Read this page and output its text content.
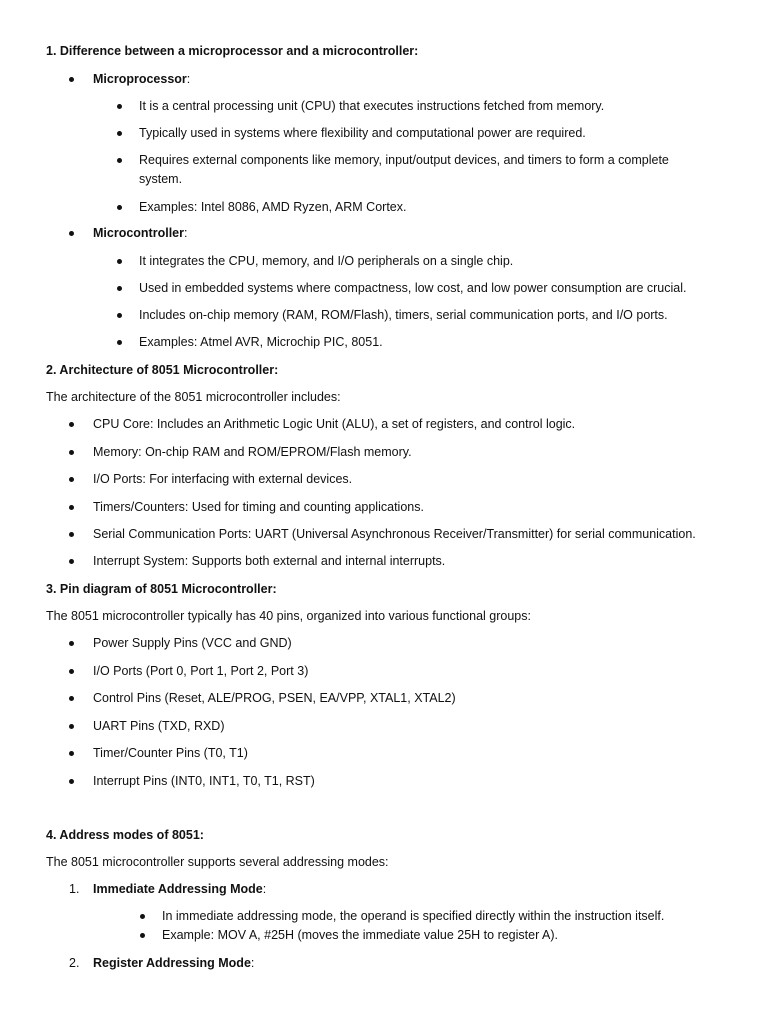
1. Difference between a microprocessor and a microcontroller:
Microprocessor:
It is a central processing unit (CPU) that executes instructions fetched from memory.
Typically used in systems where flexibility and computational power are required.
Requires external components like memory, input/output devices, and timers to form a complete
system.
Examples: Intel 8086, AMD Ryzen, ARM Cortex.
Microcontroller:
It integrates the CPU, memory, and I/O peripherals on a single chip.
Used in embedded systems where compactness, low cost, and low power consumption are crucial.
Includes on-chip memory (RAM, ROM/Flash), timers, serial communication ports, and I/O ports.
Examples: Atmel AVR, Microchip PIC, 8051.
2. Architecture of 8051 Microcontroller:
The architecture of the 8051 microcontroller includes:
CPU Core: Includes an Arithmetic Logic Unit (ALU), a set of registers, and control logic.
Memory: On-chip RAM and ROM/EPROM/Flash memory.
I/O Ports: For interfacing with external devices.
Timers/Counters: Used for timing and counting applications.
Serial Communication Ports: UART (Universal Asynchronous Receiver/Transmitter) for serial communication.
Interrupt System: Supports both external and internal interrupts.
3. Pin diagram of 8051 Microcontroller:
The 8051 microcontroller typically has 40 pins, organized into various functional groups:
Power Supply Pins (VCC and GND)
I/O Ports (Port 0, Port 1, Port 2, Port 3)
Control Pins (Reset, ALE/PROG, PSEN, EA/VPP, XTAL1, XTAL2)
UART Pins (TXD, RXD)
Timer/Counter Pins (T0, T1)
Interrupt Pins (INT0, INT1, T0, T1, RST)
4. Address modes of 8051:
The 8051 microcontroller supports several addressing modes:
1. Immediate Addressing Mode:
In immediate addressing mode, the operand is specified directly within the instruction itself.
Example: MOV A, #25H (moves the immediate value 25H to register A).
2. Register Addressing Mode:
